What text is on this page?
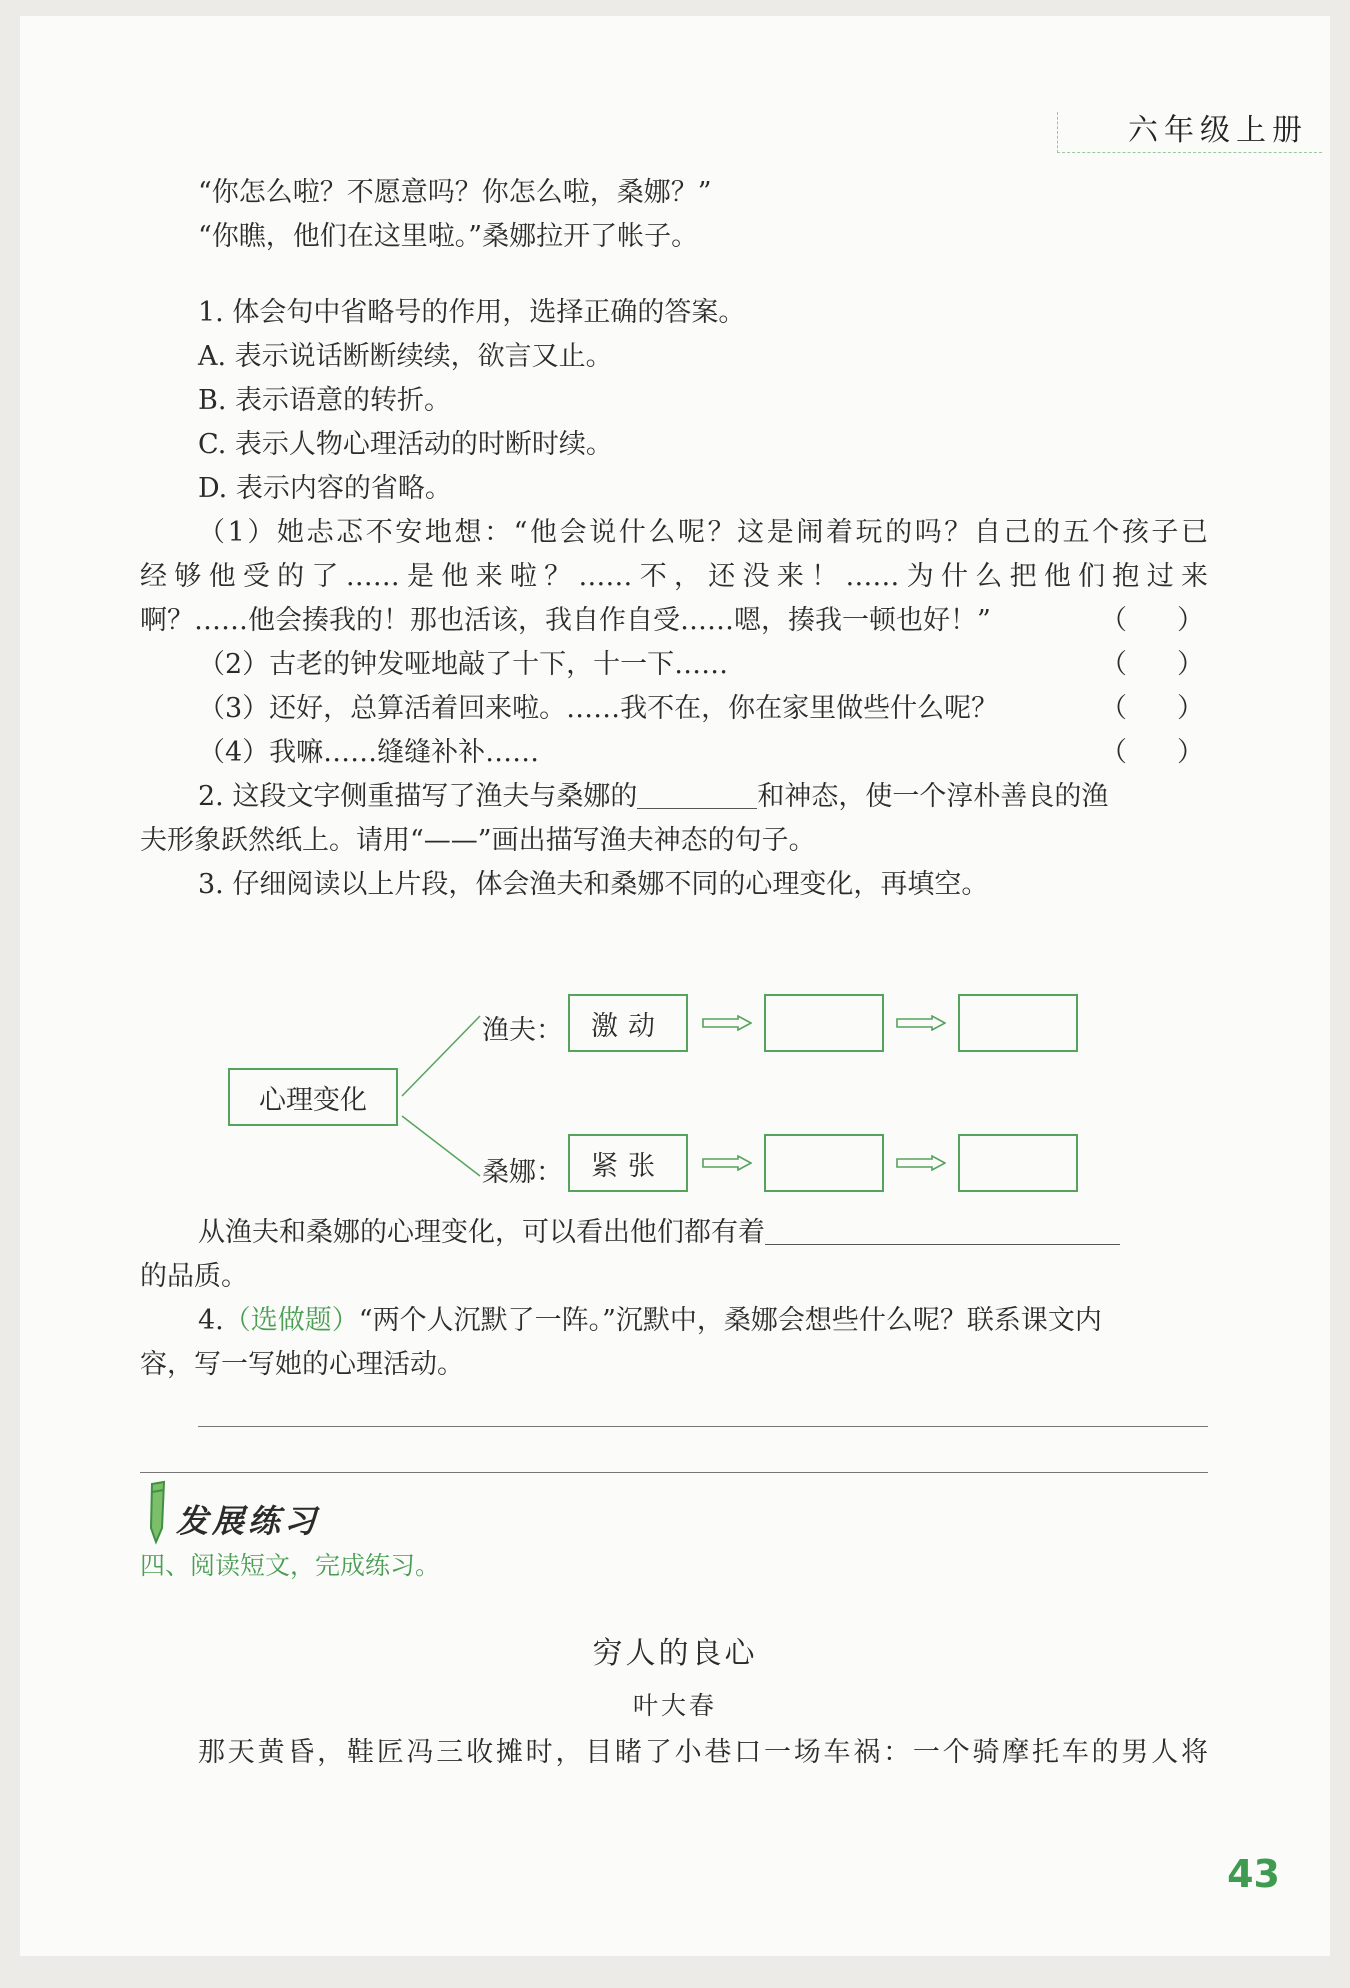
六年级上册
“你怎么啦？不愿意吗？你怎么啦，桑娜？”
“你瞧，他们在这里啦。”桑娜拉开了帐子。
1. 体会句中省略号的作用，选择正确的答案。
A. 表示说话断断续续，欲言又止。
B. 表示语意的转折。
C. 表示人物心理活动的时断时续。
D. 表示内容的省略。
（1）她忐忑不安地想：“他会说什么呢？这是闹着玩的吗？自己的五个孩子已
经够他受的了……是他来啦？……不，还没来！……为什么把他们抱过来
啊？……他会揍我的！那也活该，我自作自受……嗯，揍我一顿也好！”	（ ）
（2）古老的钟发哑地敲了十下，十一下……	（ ）
（3）还好，总算活着回来啦。……我不在，你在家里做些什么呢？	（ ）
（4）我嘛……缝缝补补……	（ ）
2. 这段文字侧重描写了渔夫与桑娜的	和神态，使一个淳朴善良的渔
夫形象跃然纸上。请用“——”画出描写渔夫神态的句子。
3. 仔细阅读以上片段，体会渔夫和桑娜不同的心理变化，再填空。
心理变化
渔夫：	激动
桑娜：	紧张
从渔夫和桑娜的心理变化，可以看出他们都有着
的品质。
4.（选做题）“两个人沉默了一阵。”沉默中，桑娜会想些什么呢？联系课文内
容，写一写她的心理活动。
发展练习
四、阅读短文，完成练习。
穷人的良心
叶大春
那天黄昏，鞋匠冯三收摊时，目睹了小巷口一场车祸：一个骑摩托车的男人将
43
